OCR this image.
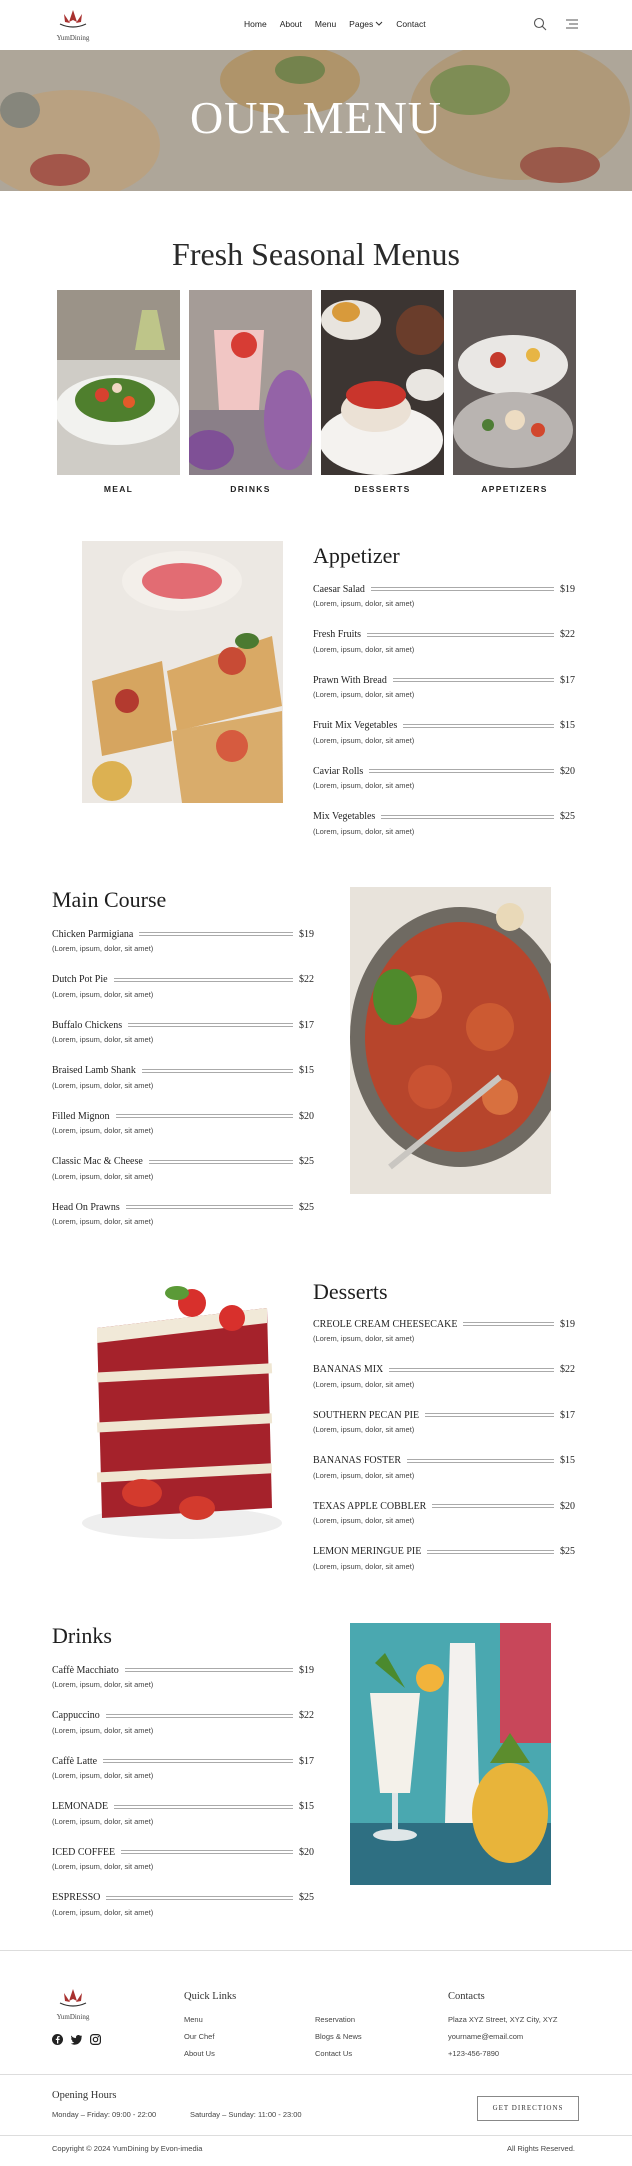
YumDining
Home About Menu Pages	Contact
OUR MENU
Fresh Seasonal Menus
MEAL	DRINKS	DESSERTS	APPETIZERS
Appetizer
Caesar Salad	$19
(Lorem, ipsum, dolor, sit amet)
Fresh Fruits	$22
(Lorem, ipsum, dolor, sit amet)
Prawn With Bread	$17
(Lorem, ipsum, dolor, sit amet)
Fruit Mix Vegetables	$15
(Lorem, ipsum, dolor, sit amet)
Caviar Rolls	$20
(Lorem, ipsum, dolor, sit amet)
Mix Vegetables	$25
(Lorem, ipsum, dolor, sit amet)
Main Course
Chicken Parmigiana	$19
(Lorem, ipsum, dolor, sit amet)
Dutch Pot Pie	$22
(Lorem, ipsum, dolor, sit amet)
Buffalo Chickens	$17
(Lorem, ipsum, dolor, sit amet)
Braised Lamb Shank	$15
(Lorem, ipsum, dolor, sit amet)
Filled Mignon	$20
(Lorem, ipsum, dolor, sit amet)
Classic Mac & Cheese	$25
(Lorem, ipsum, dolor, sit amet)
Head On Prawns	$25
(Lorem, ipsum, dolor, sit amet)
Desserts
CREOLE CREAM CHEESECAKE	$19
(Lorem, ipsum, dolor, sit amet)
BANANAS MIX	$22
(Lorem, ipsum, dolor, sit amet)
SOUTHERN PECAN PIE	$17
(Lorem, ipsum, dolor, sit amet)
BANANAS FOSTER	$15
(Lorem, ipsum, dolor, sit amet)
TEXAS APPLE COBBLER	$20
(Lorem, ipsum, dolor, sit amet)
LEMON MERINGUE PIE	$25
(Lorem, ipsum, dolor, sit amet)
Drinks
Caffè Macchiato	$19
(Lorem, ipsum, dolor, sit amet)
Cappuccino	$22
(Lorem, ipsum, dolor, sit amet)
Caffè Latte	$17
(Lorem, ipsum, dolor, sit amet)
LEMONADE	$15
(Lorem, ipsum, dolor, sit amet)
ICED COFFEE	$20
(Lorem, ipsum, dolor, sit amet)
ESPRESSO	$25
(Lorem, ipsum, dolor, sit amet)
YumDining
Quick Links
Menu
Our Chef
About Us
Reservation
Blogs & News
Contact Us
Contacts
Plaza XYZ Street, XYZ City, XYZ
yourname@email.com
+123-456-7890
Opening Hours
Monday – Friday: 09:00 - 22:00	Saturday – Sunday: 11:00 - 23:00
GET DIRECTIONS
Copyright © 2024 YumDining by Evon-imedia	All Rights Reserved.
